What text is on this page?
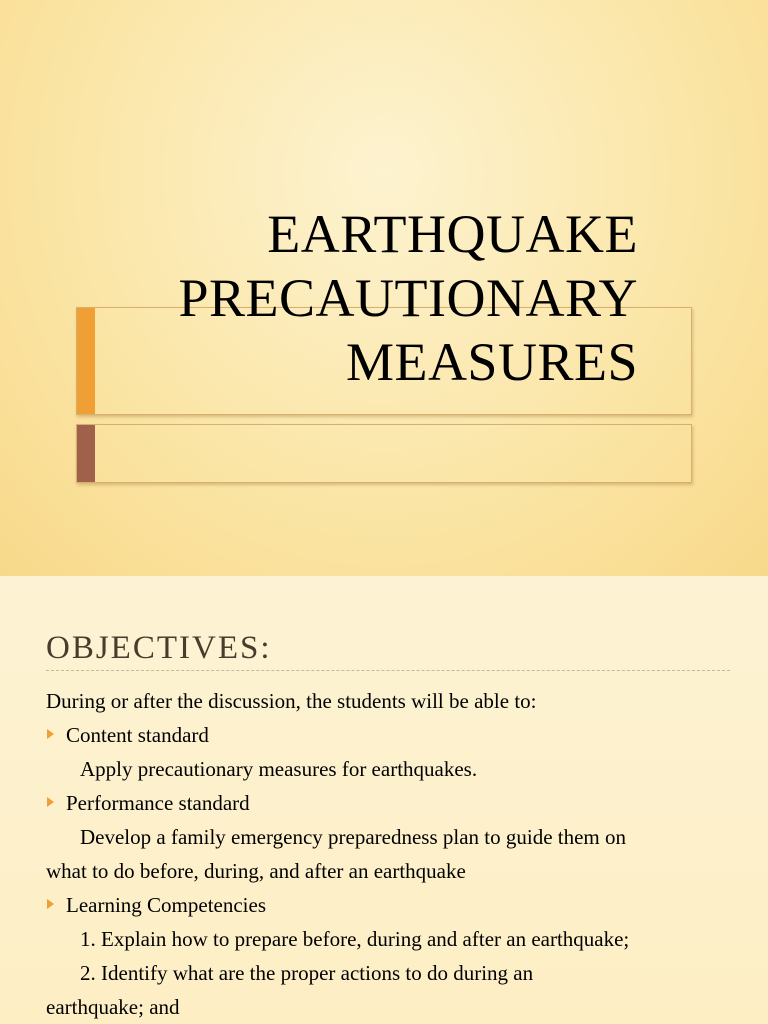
EARTHQUAKE
PRECAUTIONARY
MEASURES
OBJECTIVES:
During or after the discussion, the students will be able to:
Content standard
Apply precautionary measures for earthquakes.
Performance standard
Develop a family emergency preparedness plan to guide them on
what to do before, during, and after an earthquake
Learning Competencies
1. Explain how to prepare before, during and after an earthquake;
2. Identify what are the proper actions to do during an
earthquake; and
